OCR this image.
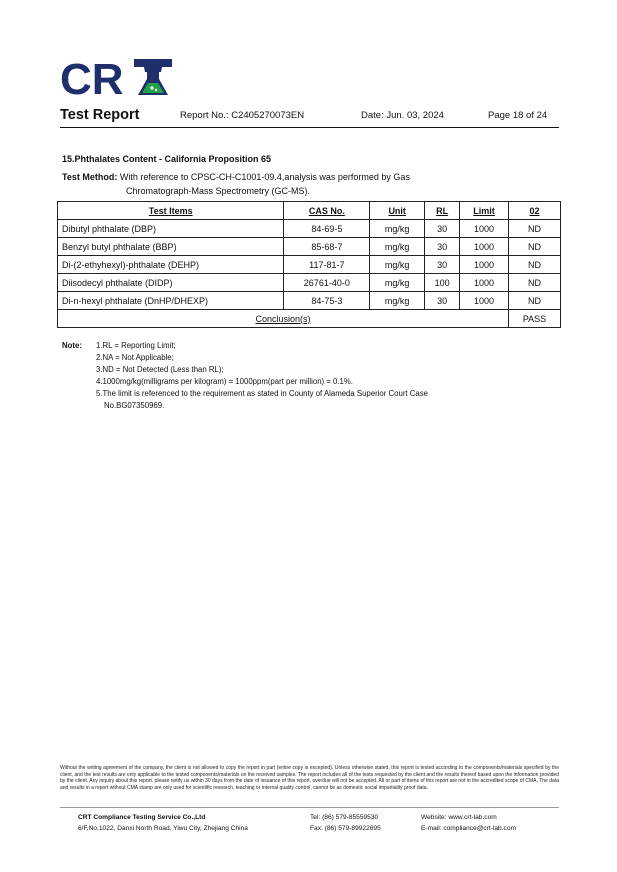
CR
Test Report	Report No.: C2405270073EN	Date: Jun. 03, 2024	Page 18 of 24
15.Phthalates Content - California Proposition 65
Test Method: With reference to CPSC-CH-C1001-09.4,analysis was performed by Gas
Chromatograph-Mass Spectrometry (GC-MS).
Test Items	CAS No.	Unit	RL	Limit	02
Dibutyl phthalate (DBP)	84-69-5	mg/kg	30	1000	ND
Benzyl butyl phthalate (BBP)	85-68-7	mg/kg	30	1000	ND
Di-(2-ethyhexyl)-phthalate (DEHP)	117-81-7	mg/kg	30	1000	ND
Diisodecyl phthalate (DIDP)	26761-40-0	mg/kg	100	1000	ND
Di-n-hexyl phthalate (DnHP/DHEXP)	84-75-3	mg/kg	30	1000	ND
Conclusion(s)					PASS
Note: 1.RL = Reporting Limit;
2.NA = Not Applicable;
3.ND = Not Detected (Less than RL);
4.1000mg/kg(milligrams per kilogram) = 1000ppm(part per million) = 0.1%.
5.The limit is referenced to the requirement as stated in County of Alameda Superior Court Case
No.BG07350969.
Without the writing agreement of the company, the client is not allowed to copy the report in part (entire copy is excepted). Unless otherwise stated, this report is tested according to the components/materials specified by the client, and the test results are only applicable to the tested components/materials on the received samples. The report includes all of the tests requested by the client and the results thereof based upon the information provided by the client. Any inquiry about this report, please notify us within 30 days from the date of issuance of this report, overdue will not be accepted. All or part of items of this report are not in the accredited scope of CMA, The data and results in a report without CMA stamp are only used for scientific research, teaching or internal quality control, cannot be as domestic social impartiality proof data.
CRT Compliance Testing Service Co.,Ltd
6/F,No.1022, Danxi North Road, Yiwu City, Zhejiang China
Tel: (86) 579-85559530
Fax: (86) 579-89922695
Website: www.crt-lab.com
E-mail: compliance@crt-lab.com
